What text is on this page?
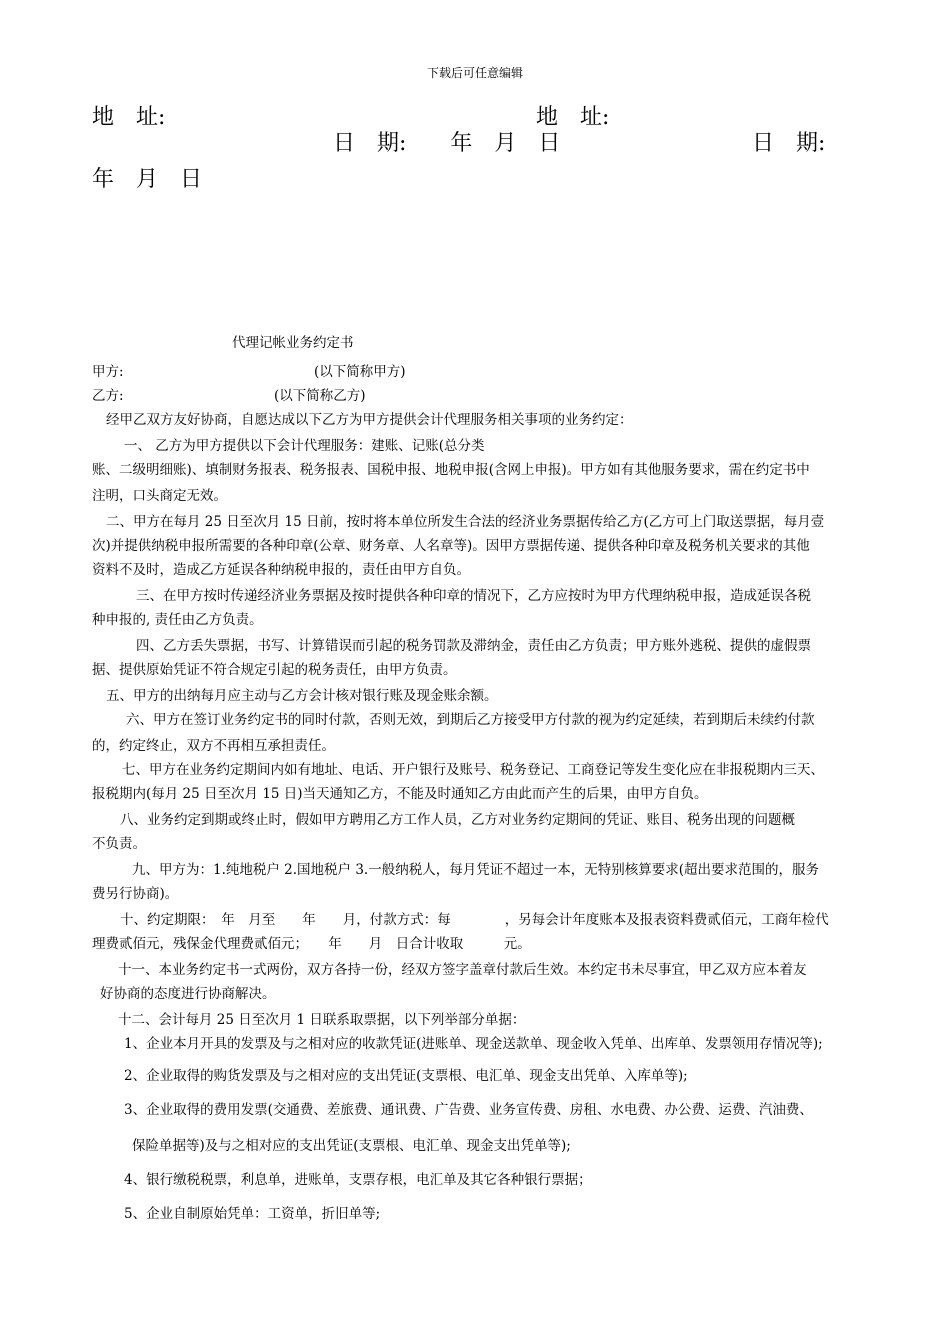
下载后可任意编辑
地　址:	地　址:
日　期:　　年　月　日	日　期:
年　月　日
代理记帐业务约定书
甲方:	(以下简称甲方)
乙方:	(以下简称乙方)
经甲乙双方友好协商，自愿达成以下乙方为甲方提供会计代理服务相关事项的业务约定：
一、 乙方为甲方提供以下会计代理服务：建账、记账(总分类
账、二级明细账)、填制财务报表、税务报表、国税申报、地税申报(含网上申报)。甲方如有其他服务要求，需在约定书中
注明，口头商定无效。
二、甲方在每月 25 日至次月 15 日前，按时将本单位所发生合法的经济业务票据传给乙方(乙方可上门取送票据，每月壹
次)并提供纳税申报所需要的各种印章(公章、财务章、人名章等)。因甲方票据传递、提供各种印章及税务机关要求的其他
资料不及时，造成乙方延误各种纳税申报的，责任由甲方自负。
三、在甲方按时传递经济业务票据及按时提供各种印章的情况下，乙方应按时为甲方代理纳税申报，造成延误各税
种申报的, 责任由乙方负责。
四、乙方丢失票据，书写、计算错误而引起的税务罚款及滞纳金，责任由乙方负责；甲方账外逃税、提供的虚假票
据、提供原始凭证不符合规定引起的税务责任，由甲方负责。
五、甲方的出纳每月应主动与乙方会计核对银行账及现金账余额。
六、甲方在签订业务约定书的同时付款，否则无效，到期后乙方接受甲方付款的视为约定延续，若到期后未续约付款
的，约定终止，双方不再相互承担责任。
七、甲方在业务约定期间内如有地址、电话、开户银行及账号、税务登记、工商登记等发生变化应在非报税期内三天、
报税期内(每月 25 日至次月 15 日)当天通知乙方，不能及时通知乙方由此而产生的后果，由甲方自负。
八、业务约定到期或终止时，假如甲方聘用乙方工作人员，乙方对业务约定期间的凭证、账目、税务出现的问题概
不负责。
九、甲方为：1.纯地税户 2.国地税户 3.一般纳税人，每月凭证不超过一本，无特别核算要求(超出要求范围的，服务
费另行协商)。
十、约定期限：　年　月至　　年　　月，付款方式：每　　　　，另每会计年度账本及报表资料费贰佰元，工商年检代
理费贰佰元，残保金代理费贰佰元；　　年　　月　日合计收取　　　元。
十一、本业务约定书一式两份，双方各持一份，经双方签字盖章付款后生效。本约定书未尽事宜，甲乙双方应本着友
好协商的态度进行协商解决。
十二、会计每月 25 日至次月 1 日联系取票据，以下列举部分单据：
1、企业本月开具的发票及与之相对应的收款凭证(进账单、现金送款单、现金收入凭单、出库单、发票领用存情况等);
2、企业取得的购货发票及与之相对应的支出凭证(支票根、电汇单、现金支出凭单、入库单等);
3、企业取得的费用发票(交通费、差旅费、通讯费、广告费、业务宣传费、房租、水电费、办公费、运费、汽油费、
保险单据等)及与之相对应的支出凭证(支票根、电汇单、现金支出凭单等);
4、银行缴税税票，利息单，进账单，支票存根，电汇单及其它各种银行票据；
5、企业自制原始凭单：工资单，折旧单等;
